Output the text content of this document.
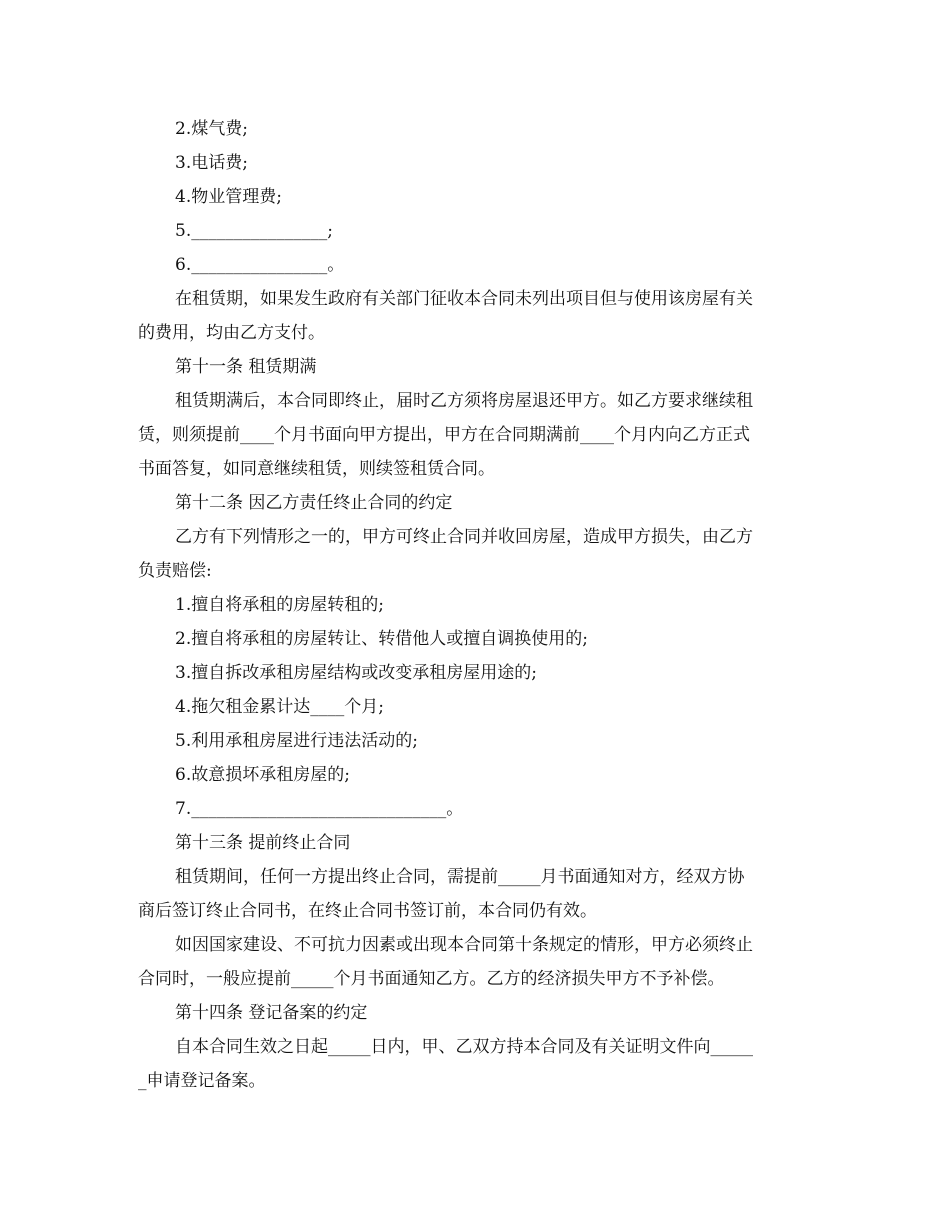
2.煤气费;
3.电话费;
4.物业管理费;
5.________________;
6.________________。
在租赁期，如果发生政府有关部门征收本合同未列出项目但与使用该房屋有关
的费用，均由乙方支付。
第十一条 租赁期满
租赁期满后，本合同即终止，届时乙方须将房屋退还甲方。如乙方要求继续租
赁，则须提前____个月书面向甲方提出，甲方在合同期满前____个月内向乙方正式
书面答复，如同意继续租赁，则续签租赁合同。
第十二条 因乙方责任终止合同的约定
乙方有下列情形之一的，甲方可终止合同并收回房屋，造成甲方损失，由乙方
负责赔偿:
1.擅自将承租的房屋转租的;
2.擅自将承租的房屋转让、转借他人或擅自调换使用的;
3.擅自拆改承租房屋结构或改变承租房屋用途的;
4.拖欠租金累计达____个月;
5.利用承租房屋进行违法活动的;
6.故意损坏承租房屋的;
7.______________________________。
第十三条 提前终止合同
租赁期间，任何一方提出终止合同，需提前_____月书面通知对方，经双方协
商后签订终止合同书，在终止合同书签订前，本合同仍有效。
如因国家建设、不可抗力因素或出现本合同第十条规定的情形，甲方必须终止
合同时，一般应提前_____个月书面通知乙方。乙方的经济损失甲方不予补偿。
第十四条 登记备案的约定
自本合同生效之日起_____日内，甲、乙双方持本合同及有关证明文件向_____
_申请登记备案。
